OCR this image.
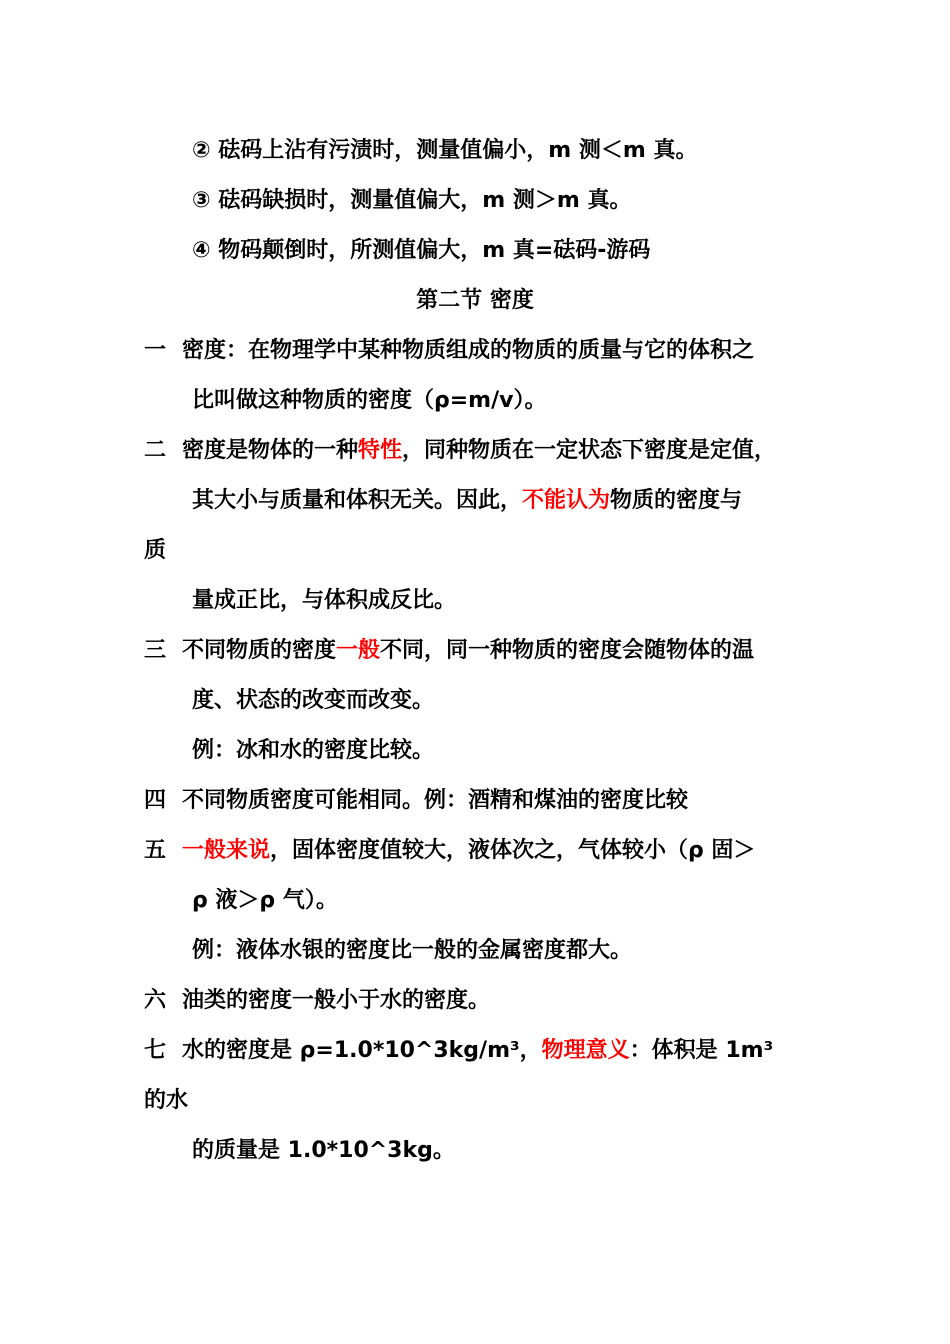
② 砝码上沾有污渍时，测量值偏小，m 测＜m 真。
③ 砝码缺损时，测量值偏大，m 测＞m 真。
④ 物码颠倒时，所测值偏大，m 真=砝码-游码
第二节 密度
一 密度：在物理学中某种物质组成的物质的质量与它的体积之
比叫做这种物质的密度（ρ=m/v）。
二 密度是物体的一种特性，同种物质在一定状态下密度是定值，
其大小与质量和体积无关。因此，不能认为物质的密度与
质
量成正比，与体积成反比。
三 不同物质的密度一般不同，同一种物质的密度会随物体的温
度、状态的改变而改变。
例：冰和水的密度比较。
四 不同物质密度可能相同。例：酒精和煤油的密度比较
五 一般来说，固体密度值较大，液体次之，气体较小（ρ 固＞
ρ 液＞ρ 气）。
例：液体水银的密度比一般的金属密度都大。
六 油类的密度一般小于水的密度。
七 水的密度是 ρ=1.0*10^3kg/m³，物理意义：体积是 1m³
的水
的质量是 1.0*10^3kg。
